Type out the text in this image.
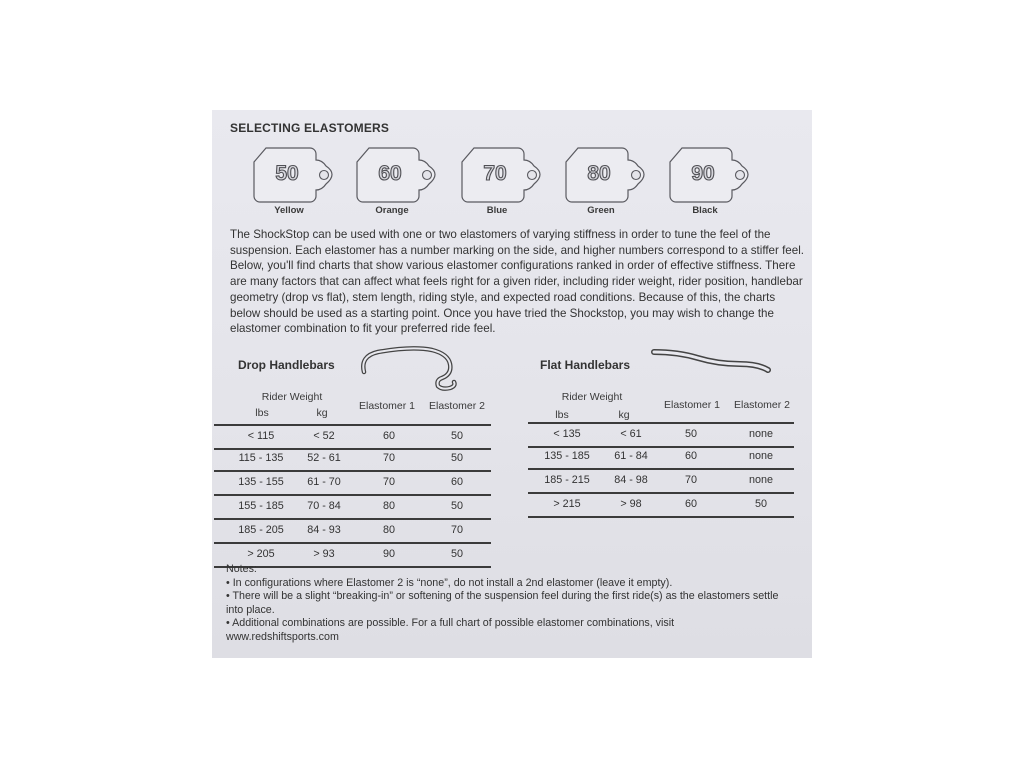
SELECTING ELASTOMERS
50	60	70	80	90
Yellow	Orange	Blue	Green	Black
The ShockStop can be used with one or two elastomers of varying stiffness in order to tune the feel of the suspension. Each elastomer has a number marking on the side, and higher numbers correspond to a stiffer feel. Below, you'll find charts that show various elastomer configurations ranked in order of effective stiffness. There are many factors that can affect what feels right for a given rider, including rider weight, rider position, handlebar geometry (drop vs flat), stem length, riding style, and expected road conditions. Because of this, the charts below should be used as a starting point. Once you have tried the Shockstop, you may wish to change the elastomer combination to fit your preferred ride feel.
Drop Handlebars
Rider Weight
lbs	kg
Elastomer 1	Elastomer 2
< 115	< 52	60	50
115 - 135	52 - 61	70	50
135 - 155	61 - 70	70	60
155 - 185	70 - 84	80	50
185 - 205	84 - 93	80	70
> 205	> 93	90	50
Flat Handlebars
Rider Weight
lbs	kg
Elastomer 1	Elastomer 2
< 135	< 61	50	none
135 - 185	61 - 84	60	none
185 - 215	84 - 98	70	none
> 215	> 98	60	50
Notes:
• In configurations where Elastomer 2 is “none”, do not install a 2nd elastomer (leave it empty).
• There will be a slight “breaking-in” or softening of the suspension feel during the first ride(s) as the elastomers settle into place.
• Additional combinations are possible. For a full chart of possible elastomer combinations, visit www.redshiftsports.com
